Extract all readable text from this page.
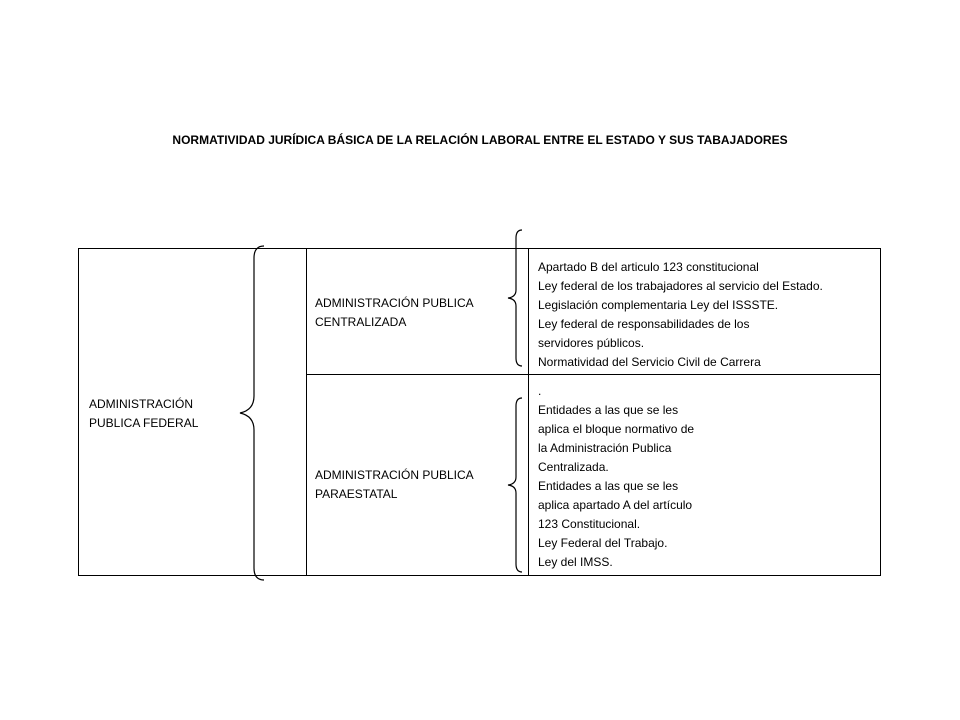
NORMATIVIDAD JURÍDICA BÁSICA DE LA RELACIÓN LABORAL ENTRE EL ESTADO Y SUS TABAJADORES
ADMINISTRACIÓN
PUBLICA FEDERAL
ADMINISTRACIÓN PUBLICA
CENTRALIZADA
Apartado B del articulo 123 constitucional
Ley federal de los trabajadores al servicio del Estado.
Legislación complementaria Ley del ISSSTE.
Ley federal de responsabilidades de los
servidores públicos.
Normatividad del Servicio Civil de Carrera
ADMINISTRACIÓN PUBLICA
PARAESTATAL
.
Entidades a las que se les
aplica el bloque normativo de
la Administración Publica
Centralizada.
Entidades a las que se les
aplica apartado A del artículo
123 Constitucional.
Ley Federal del Trabajo.
Ley del IMSS.
